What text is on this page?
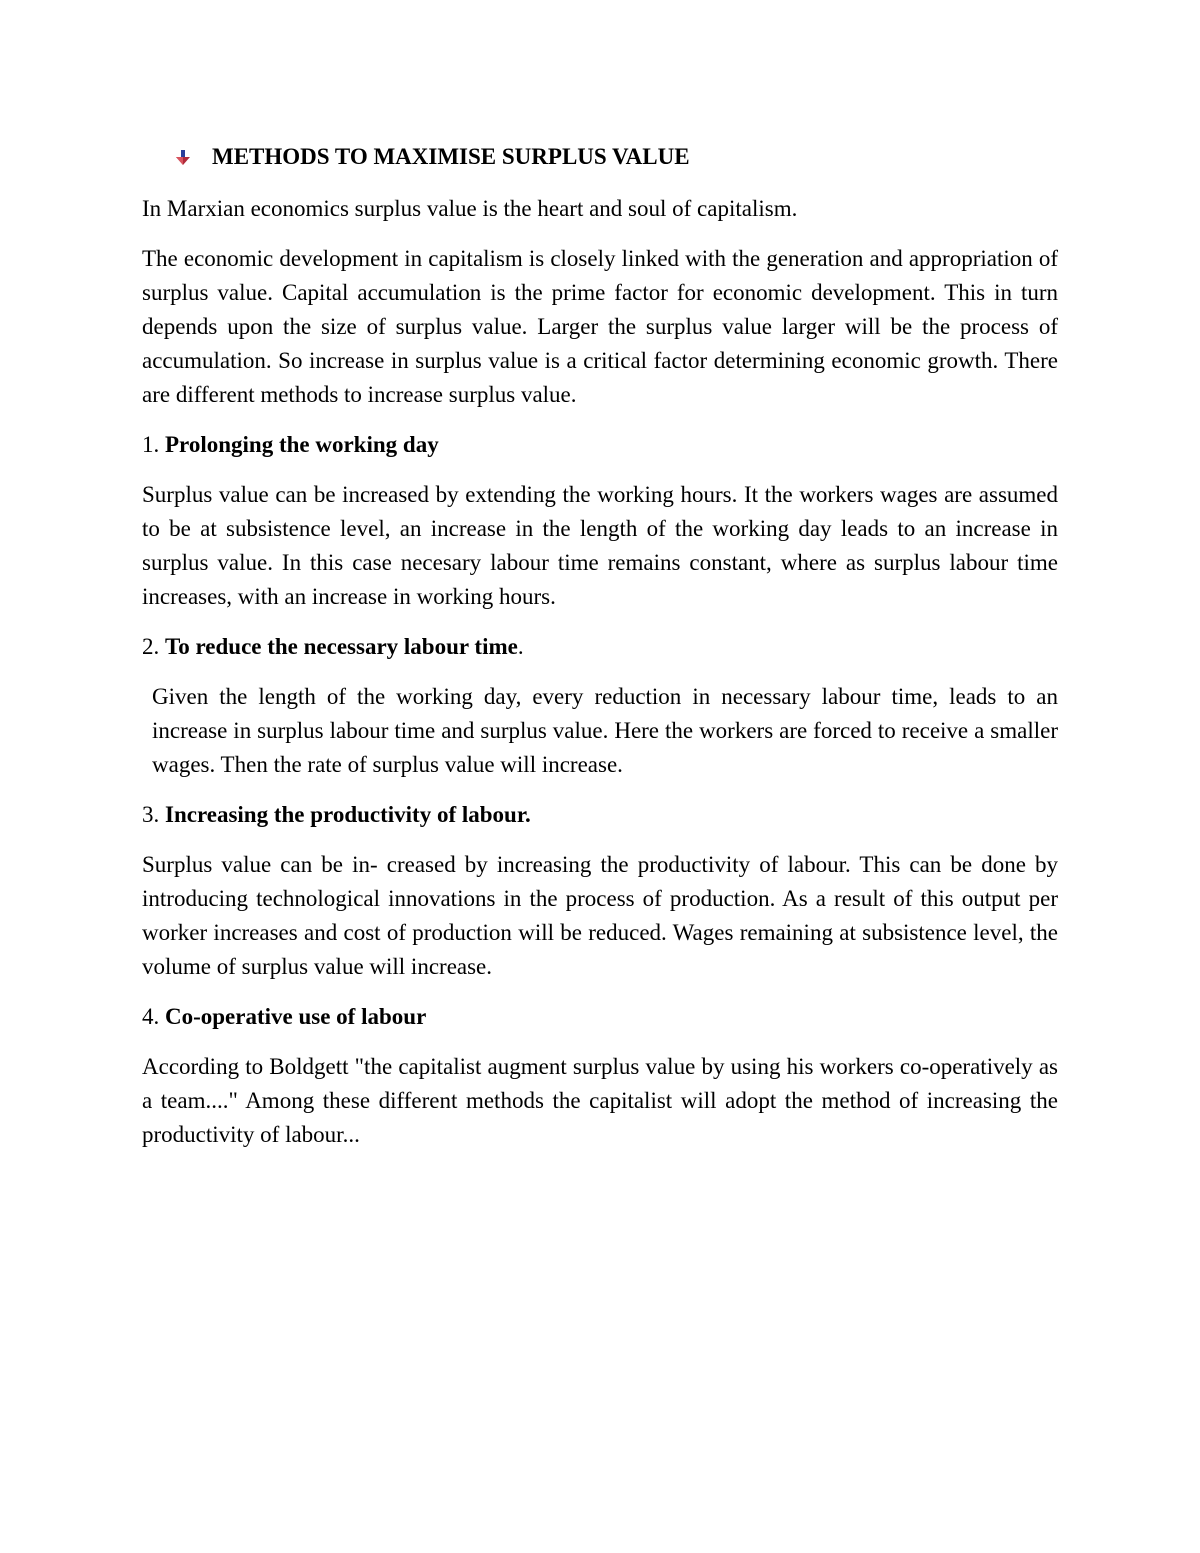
METHODS TO MAXIMISE SURPLUS VALUE

In Marxian economics surplus value is the heart and soul of capitalism.

The economic development in capitalism is closely linked with the generation and appropriation of surplus value. Capital accumulation is the prime factor for economic development. This in turn depends upon the size of surplus value. Larger the surplus value larger will be the process of accumulation. So increase in surplus value is a critical factor determining economic growth. There are different methods to increase surplus value.

1. Prolonging the working day

Surplus value can be increased by extending the working hours. It the workers wages are assumed to be at subsistence level, an increase in the length of the working day leads to an increase in surplus value. In this case necesary labour time remains constant, where as surplus labour time increases, with an increase in working hours.

2. To reduce the necessary labour time.

Given the length of the working day, every reduction in necessary labour time, leads to an increase in surplus labour time and surplus value. Here the workers are forced to receive a smaller wages. Then the rate of surplus value will increase.

3. Increasing the productivity of labour.

Surplus value can be in- creased by increasing the productivity of labour. This can be done by introducing technological innovations in the process of production. As a result of this output per worker increases and cost of production will be reduced. Wages remaining at subsistence level, the volume of surplus value will increase.

4. Co-operative use of labour

According to Boldgett "the capitalist augment surplus value by using his workers co-operatively as a team...." Among these different methods the capitalist will adopt the method of increasing the productivity of labour...
